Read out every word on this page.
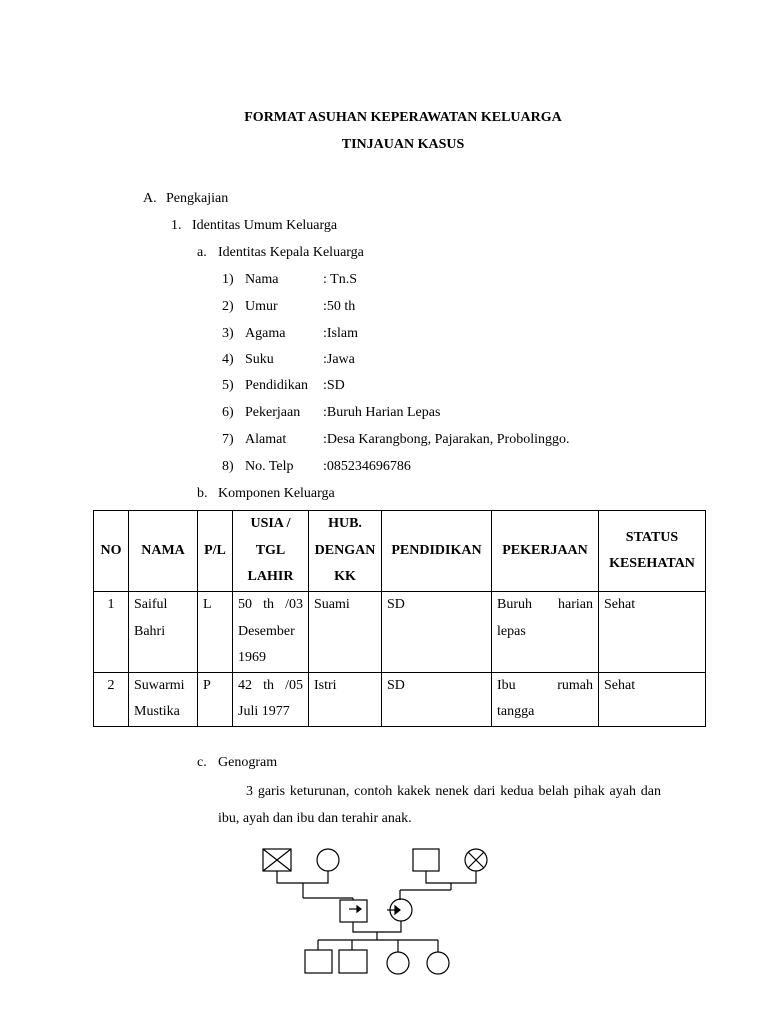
FORMAT ASUHAN KEPERAWATAN KELUARGA
TINJAUAN KASUS
A. Pengkajian
1. Identitas Umum Keluarga
a. Identitas Kepala Keluarga
1) Nama	: Tn.S
2) Umur	:50 th
3) Agama	:Islam
4) Suku	:Jawa
5) Pendidikan :SD
6) Pekerjaan :Buruh Harian Lepas
7) Alamat	:Desa Karangbong, Pajarakan, Probolinggo.
8) No. Telp :085234696786
b. Komponen Keluarga
NO	NAMA	P/L	USIA / TGL LAHIR	HUB. DENGAN KK	PENDIDIKAN	PEKERJAAN	STATUS KESEHATAN
1	Saiful Bahri	L	50 th /03 Desember 1969	Suami	SD	Buruh harian lepas	Sehat
2	Suwarmi Mustika	P	42 th /05 Juli 1977	Istri	SD	Ibu rumah tangga	Sehat
c. Genogram
3 garis keturunan, contoh kakek nenek dari kedua belah pihak ayah dan ibu, ayah dan ibu dan terahir anak.
